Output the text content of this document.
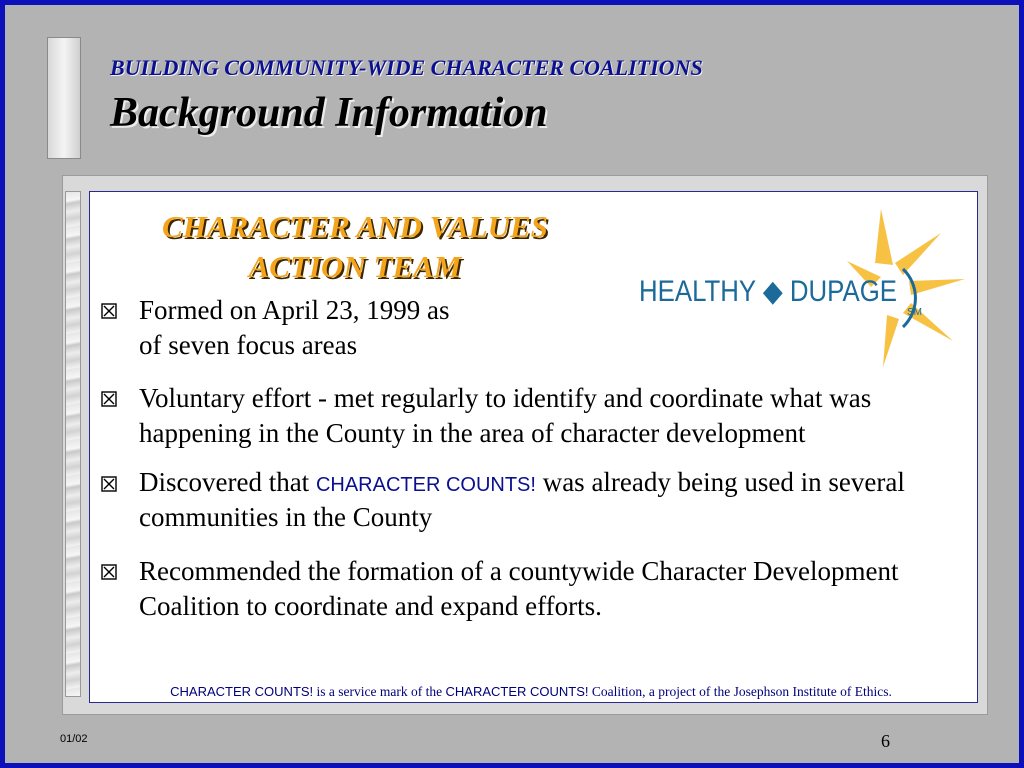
BUILDING COMMUNITY-WIDE CHARACTER COALITIONS
Background Information
CHARACTER AND VALUES
ACTION TEAM
HEALTHY ◆ DUPAGE
SM
Formed on April 23, 1999 as
of seven focus areas
Voluntary effort - met regularly to identify and coordinate what was happening in the County in the area of character development
Discovered that CHARACTER COUNTS! was already being used in several communities in the County
Recommended the formation of a countywide Character Development Coalition to coordinate and expand efforts.
CHARACTER COUNTS! is a service mark of the CHARACTER COUNTS! Coalition, a project of the Josephson Institute of Ethics.
01/02	6
